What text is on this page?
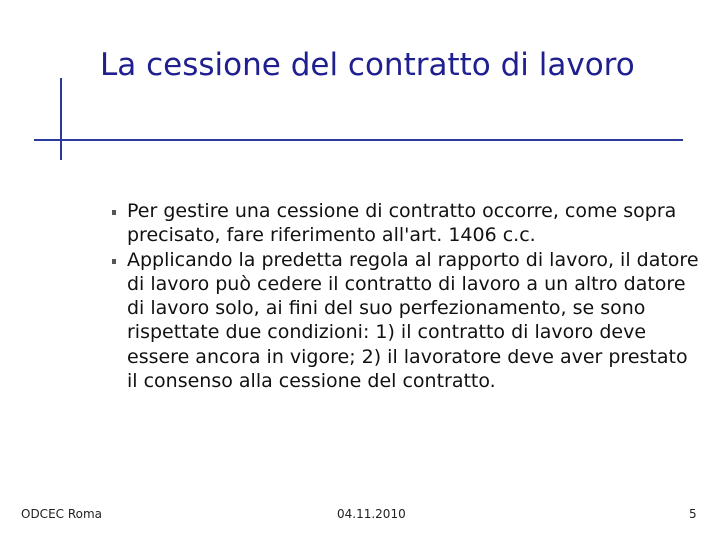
La cessione del contratto di lavoro
Per gestire una cessione di contratto occorre, come sopra precisato, fare riferimento all'art. 1406 c.c.
Applicando la predetta regola al rapporto di lavoro, il datore di lavoro può cedere il contratto di lavoro a un altro datore di lavoro solo, ai fini del suo perfezionamento, se sono rispettate due condizioni: 1) il contratto di lavoro deve essere ancora in vigore; 2) il lavoratore deve aver prestato il consenso alla cessione del contratto.
ODCEC Roma	04.11.2010	5
